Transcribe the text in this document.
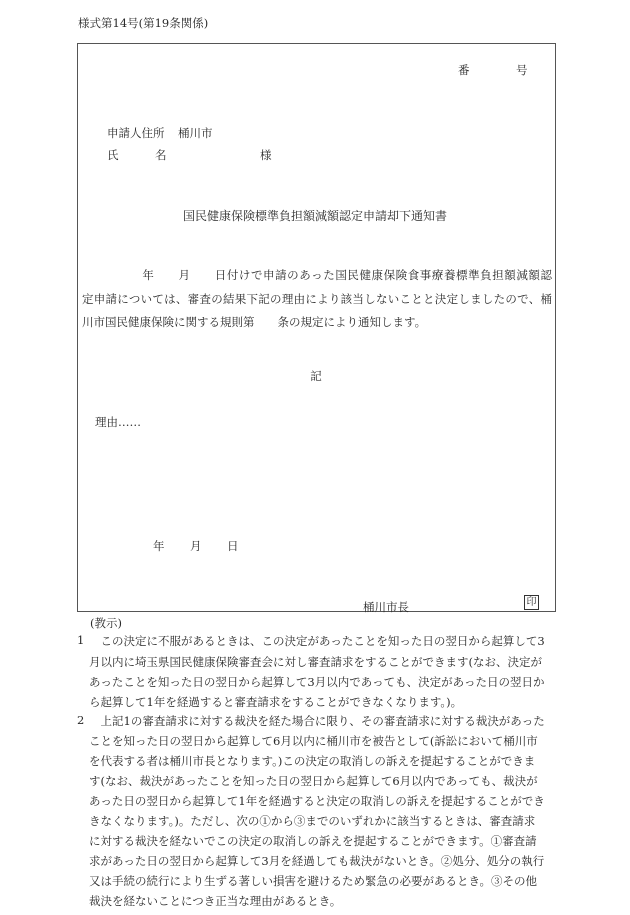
様式第14号(第19条関係)
番	号
申請人住所 桶川市
氏	名	様
国民健康保険標準負担額減額認定申請却下通知書
　　　　　年　　月　　日付けで申請のあった国民健康保険食事療養標準負担額減額認
定申請については、審査の結果下記の理由により該当しないことと決定しましたので、桶
川市国民健康保険に関する規則第　　条の規定により通知します。
記
理由……
年 月 日
桶川市長	印
(教示)
1 　この決定に不服があるときは、この決定があったことを知った日の翌日から起算して3
月以内に埼玉県国民健康保険審査会に対し審査請求をすることができます(なお、決定が
あったことを知った日の翌日から起算して3月以内であっても、決定があった日の翌日か
ら起算して1年を経過すると審査請求をすることができなくなります。)。
2 　上記1の審査請求に対する裁決を経た場合に限り、その審査請求に対する裁決があった
ことを知った日の翌日から起算して6月以内に桶川市を被告として(訴訟において桶川市
を代表する者は桶川市長となります。)この決定の取消しの訴えを提起することができま
す(なお、裁決があったことを知った日の翌日から起算して6月以内であっても、裁決が
あった日の翌日から起算して1年を経過すると決定の取消しの訴えを提起することができ
きなくなります。)。ただし、次の①から③までのいずれかに該当するときは、審査請求
に対する裁決を経ないでこの決定の取消しの訴えを提起することができます。①審査請
求があった日の翌日から起算して3月を経過しても裁決がないとき。②処分、処分の執行
又は手続の続行により生ずる著しい損害を避けるため緊急の必要があるとき。③その他
裁決を経ないことにつき正当な理由があるとき。
